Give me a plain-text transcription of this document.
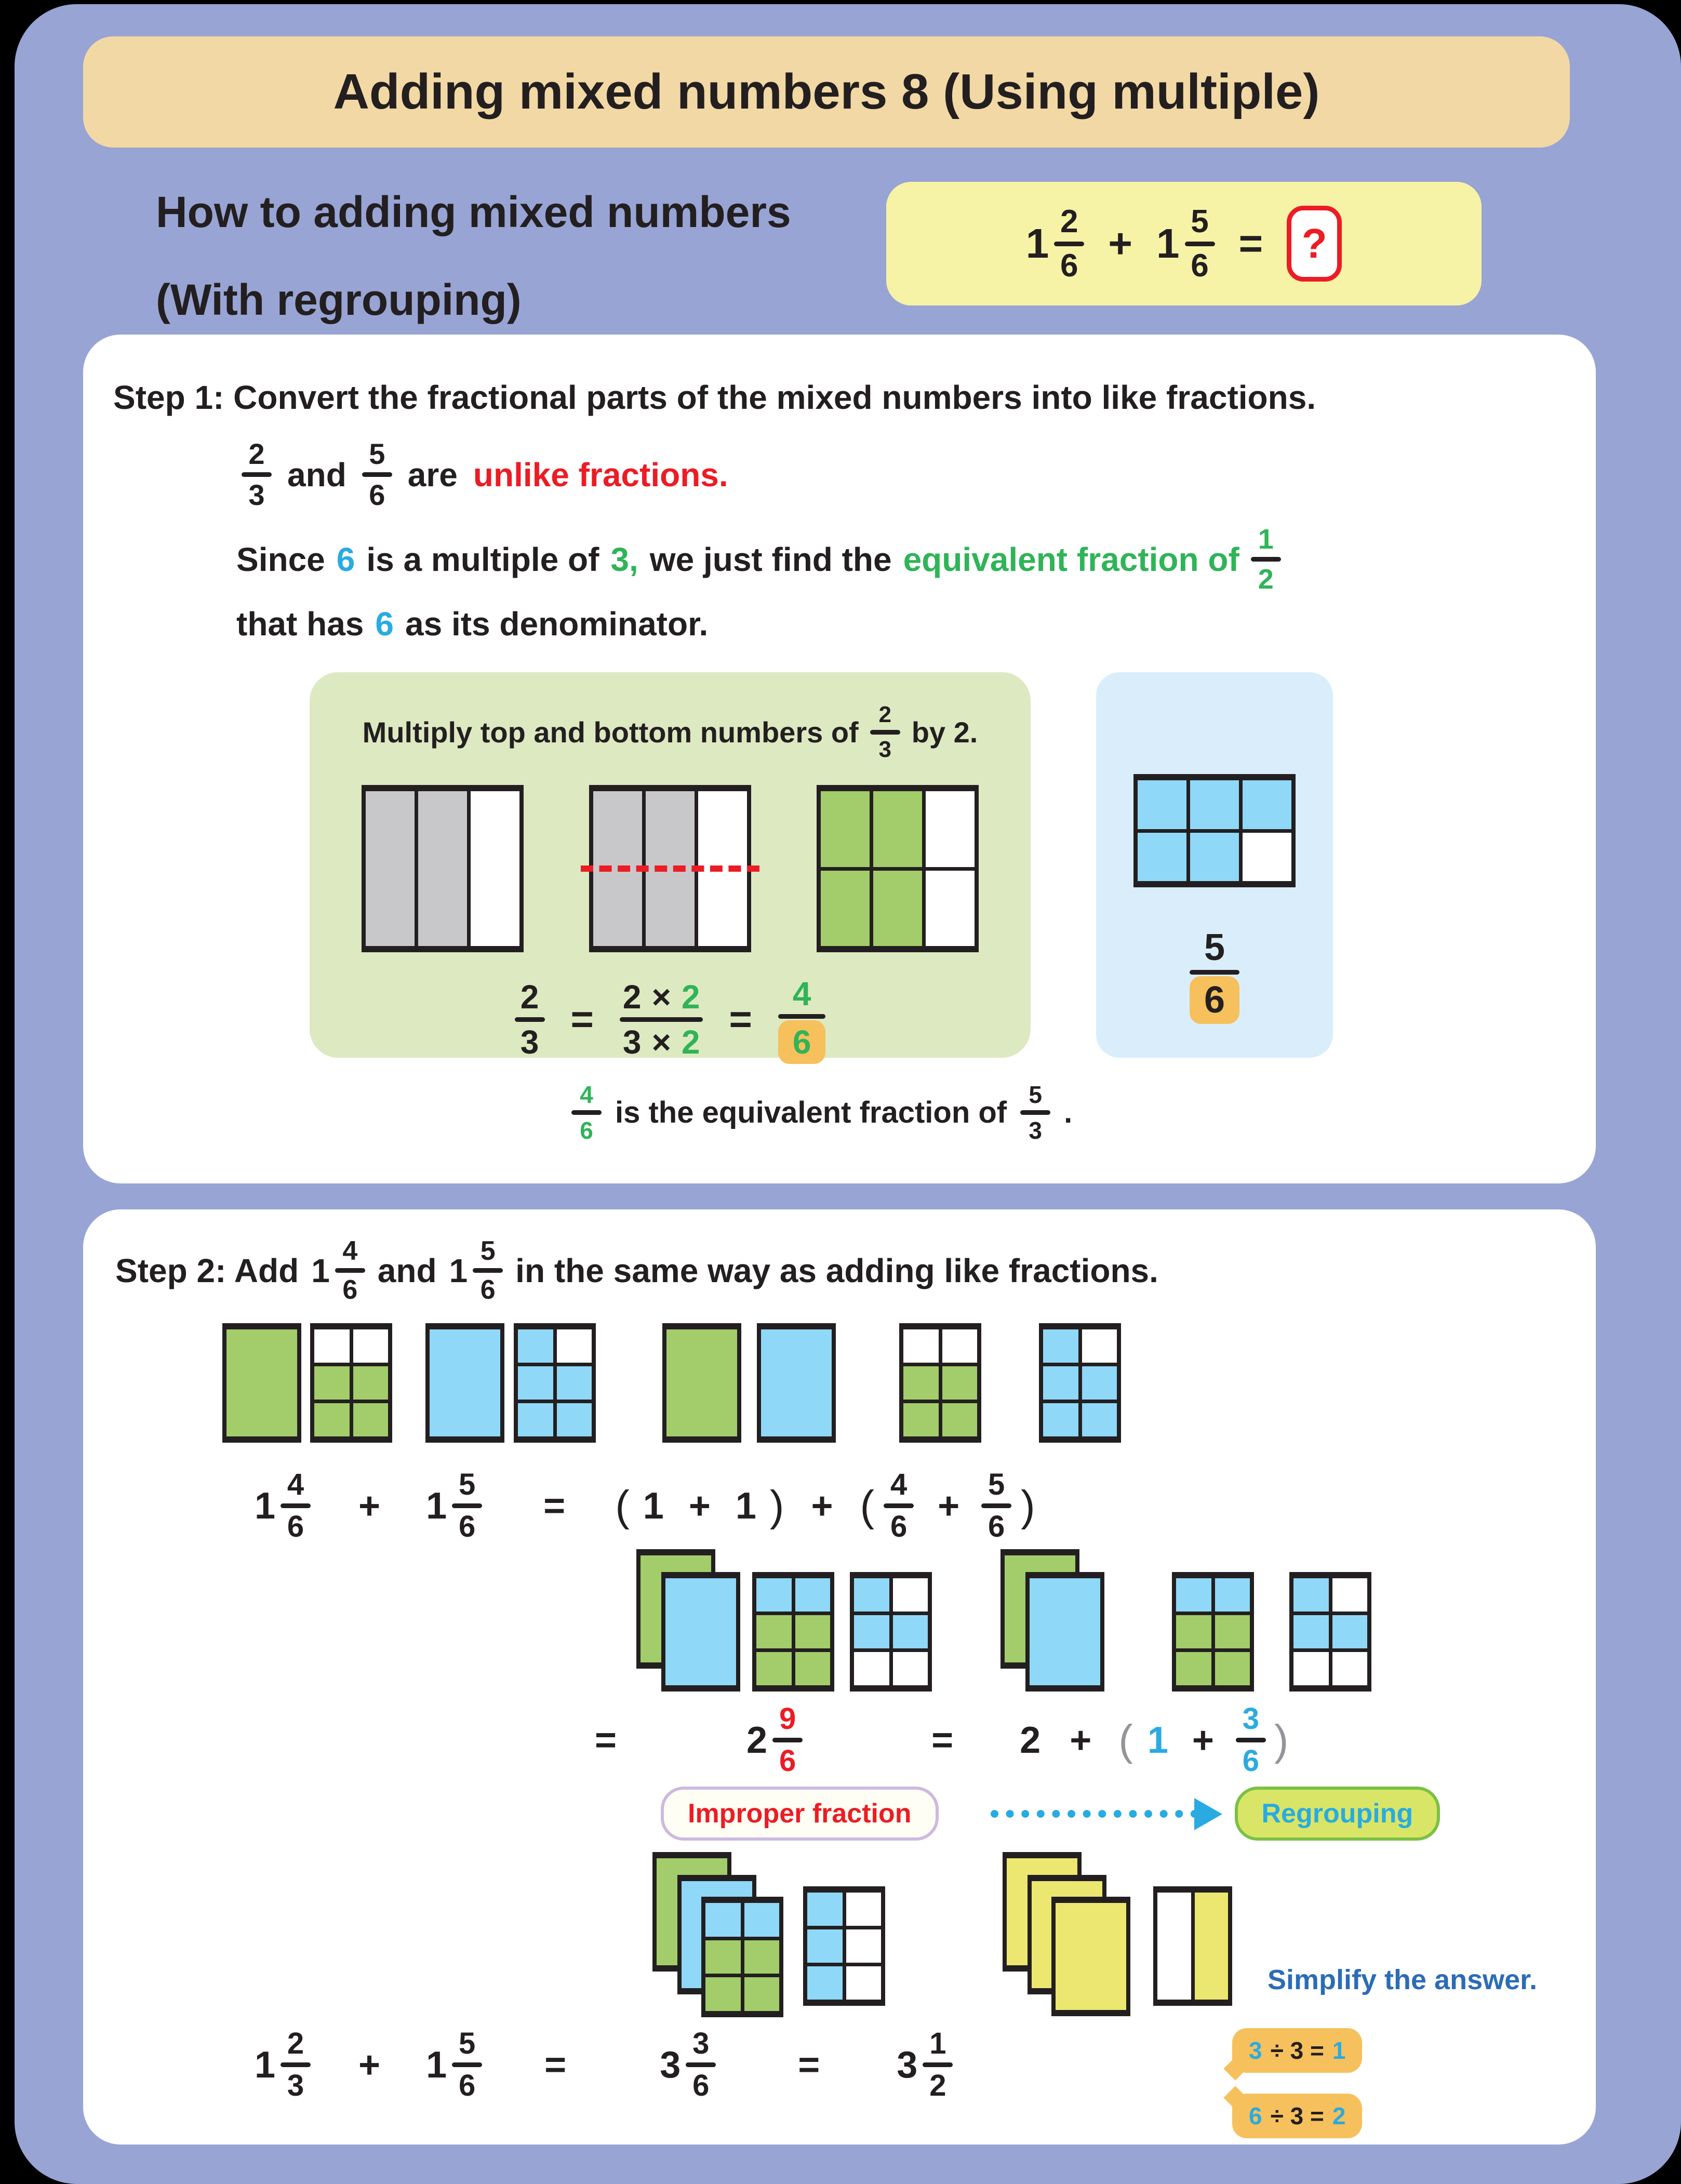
Adding mixed numbers 8 (Using multiple)
How to adding mixed numbers
(With regrouping)
1 2
6 + 1 5
6 = ?
Step 1: Convert the fractional parts of the mixed numbers into like fractions.
2
3
and
5
6
are unlike fractions.
Since 6 is a multiple of 3, we just find the equivalent fraction of
1
2
that has 6 as its denominator.
Multiply top and bottom numbers of
2
3
by 2.
2
3
=
2 × 2
3 × 2
=
4
6
5
6
4
6
is the equivalent fraction of
5
3
.
Step 2: Add 1
4
6
and 1
5
6
in the same way as adding like fractions.
1
4
6 + 1
5
6 = ( 1 + 1 ) + ( 4
6 +
5
6 )
=	2
9
6	= 2 + ( 1 +
3
6 )
Improper fraction	Regrouping
Simplify the answer.
1
2
3 + 1
5
6 =	3
3
6 = 3
1
2
3 ÷ 3 = 1
6 ÷ 3 = 2
